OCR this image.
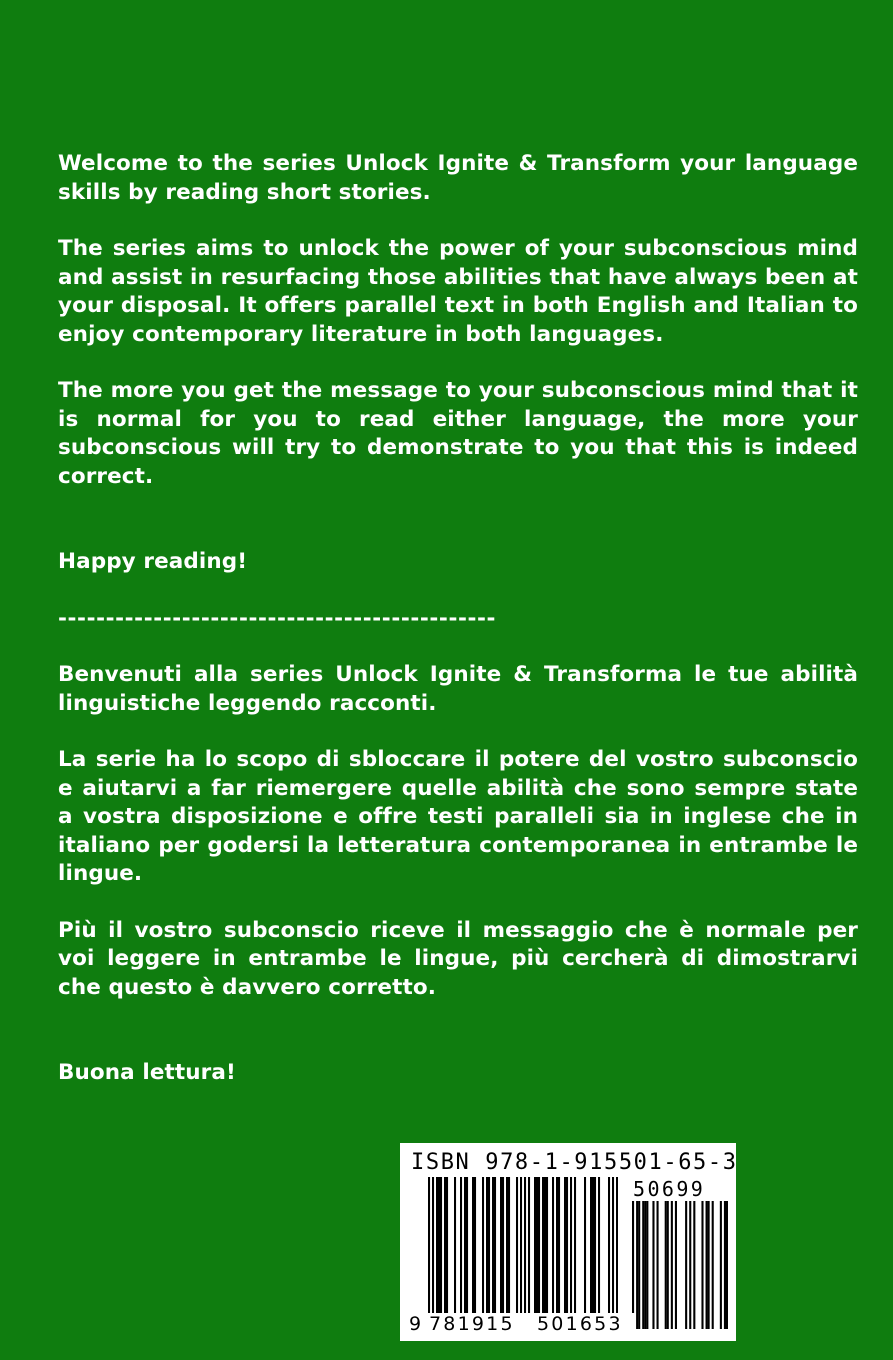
Welcome to the series Unlock Ignite & Transform your language skills by reading short stories.

The series aims to unlock the power of your subconscious mind and assist in resurfacing those abilities that have always been at your disposal. It offers parallel text in both English and Italian to enjoy contemporary literature in both languages.

The more you get the message to your subconscious mind that it is normal for you to read either language, the more your subconscious will try to demonstrate to you that this is indeed correct.

Happy reading!

----------------------------------------------

Benvenuti alla series Unlock Ignite & Transforma le tue abilità linguistiche leggendo racconti.

La serie ha lo scopo di sbloccare il potere del vostro subconscio e aiutarvi a far riemergere quelle abilità che sono sempre state a vostra disposizione e offre testi paralleli sia in inglese che in italiano per godersi la letteratura contemporanea in entrambe le lingue.

Più il vostro subconscio riceve il messaggio che è normale per voi leggere in entrambe le lingue, più cercherà di dimostrarvi che questo è davvero corretto.

Buona lettura!

ISBN 978-1-915501-65-3
50699
9 781915	501653
